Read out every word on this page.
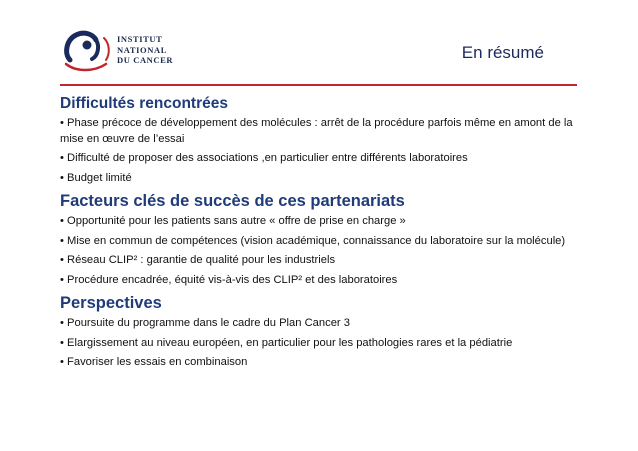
INSTITUT
NATIONAL
DU CANCER	En résumé
Difficultés rencontrées

• Phase précoce de développement des molécules : arrêt de la procédure parfois même en amont de la mise en œuvre de l’essai

• Difficulté de proposer des associations ,en particulier entre différents laboratoires

• Budget limité

Facteurs clés de succès de ces partenariats

• Opportunité pour les patients sans autre « offre de prise en charge »

• Mise en commun de compétences (vision académique, connaissance du laboratoire sur la molécule)

• Réseau CLIP² : garantie de qualité pour les industriels

• Procédure encadrée, équité vis-à-vis des CLIP² et des laboratoires

Perspectives

• Poursuite du programme dans le cadre du Plan Cancer 3

• Elargissement au niveau européen, en particulier pour les pathologies rares et la pédiatrie

• Favoriser les essais en combinaison
